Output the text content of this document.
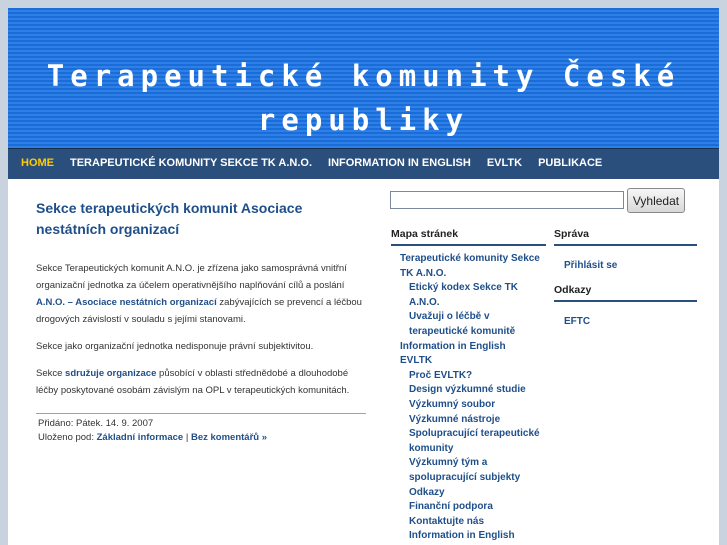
Terapeutické komunity České republiky
HOME TERAPEUTICKÉ KOMUNITY SEKCE TK A.N.O. INFORMATION IN ENGLISH EVLTK PUBLIKACE
Sekce terapeutických komunit Asociace nestátních organizací

Sekce Terapeutických komunit A.N.O. je zřízena jako samosprávná vnitřní organizační jednotka za účelem operativnějšího naplňování cílů a poslání A.N.O. – Asociace nestátních organizací zabývajících se prevencí a léčbou drogových závislostí v souladu s jejími stanovami.

Sekce jako organizační jednotka nedisponuje právní subjektivitou.

Sekce sdružuje organizace působící v oblasti střednědobé a dlouhodobé léčby poskytované osobám závislým na OPL v terapeutických komunitách.

Přidáno: Pátek. 14. 9. 2007
Uloženo pod: Základní informace | Bez komentářů »
Vyhledat
Mapa stránek
Terapeutické komunity Sekce TK A.N.O.
Etický kodex Sekce TK A.N.O.
Uvažuji o léčbě v terapeutické komunitě
Information in English
EVLTK
Proč EVLTK?
Design výzkumné studie
Výzkumný soubor
Výzkumné nástroje
Spolupracující terapeutické komunity
Výzkumný tým a spolupracující subjekty
Odkazy
Finanční podpora
Kontaktujte nás
Information in English
Správa
Přihlásit se
Odkazy
EFTC
